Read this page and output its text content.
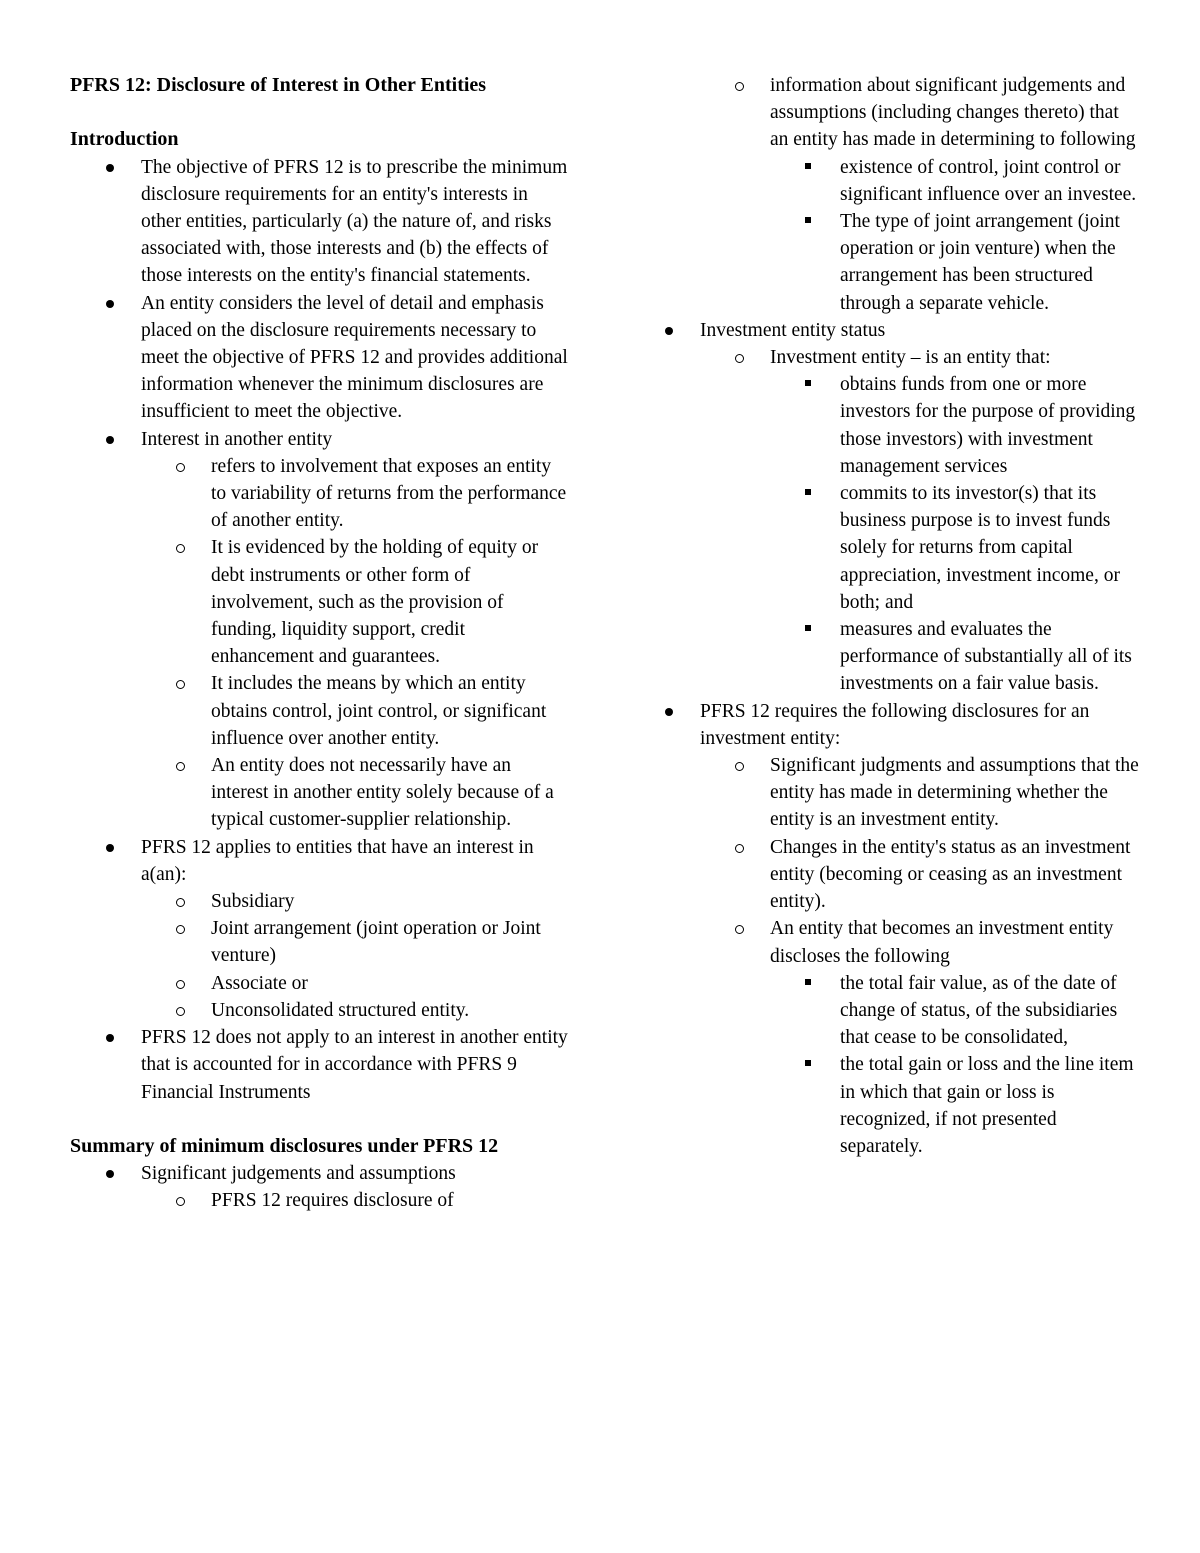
PFRS 12: Disclosure of Interest in Other Entities

Introduction

The objective of PFRS 12 is to prescribe the minimum disclosure requirements for an entity's interests in other entities, particularly (a) the nature of, and risks associated with, those interests and (b) the effects of those interests on the entity's financial statements.
An entity considers the level of detail and emphasis placed on the disclosure requirements necessary to meet the objective of PFRS 12 and provides additional information whenever the minimum disclosures are insufficient to meet the objective.
Interest in another entity
refers to involvement that exposes an entity to variability of returns from the performance of another entity.
It is evidenced by the holding of equity or debt instruments or other form of involvement, such as the provision of funding, liquidity support, credit enhancement and guarantees.
It includes the means by which an entity obtains control, joint control, or significant influence over another entity.
An entity does not necessarily have an interest in another entity solely because of a typical customer-supplier relationship.
PFRS 12 applies to entities that have an interest in a(an):
Subsidiary
Joint arrangement (joint operation or Joint venture)
Associate or
Unconsolidated structured entity.
PFRS 12 does not apply to an interest in another entity that is accounted for in accordance with PFRS 9 Financial Instruments

Summary of minimum disclosures under PFRS 12

Significant judgements and assumptions
PFRS 12 requires disclosure of
information about significant judgements and assumptions (including changes thereto) that an entity has made in determining to following
existence of control, joint control or significant influence over an investee.
The type of joint arrangement (joint operation or join venture) when the arrangement has been structured through a separate vehicle.
Investment entity status
Investment entity – is an entity that:
obtains funds from one or more investors for the purpose of providing those investors) with investment management services
commits to its investor(s) that its business purpose is to invest funds solely for returns from capital appreciation, investment income, or both; and
measures and evaluates the performance of substantially all of its investments on a fair value basis.
PFRS 12 requires the following disclosures for an investment entity:
Significant judgments and assumptions that the entity has made in determining whether the entity is an investment entity.
Changes in the entity's status as an investment entity (becoming or ceasing as an investment entity).
An entity that becomes an investment entity discloses the following
the total fair value, as of the date of change of status, of the subsidiaries that cease to be consolidated,
the total gain or loss and the line item in which that gain or loss is recognized, if not presented separately.
